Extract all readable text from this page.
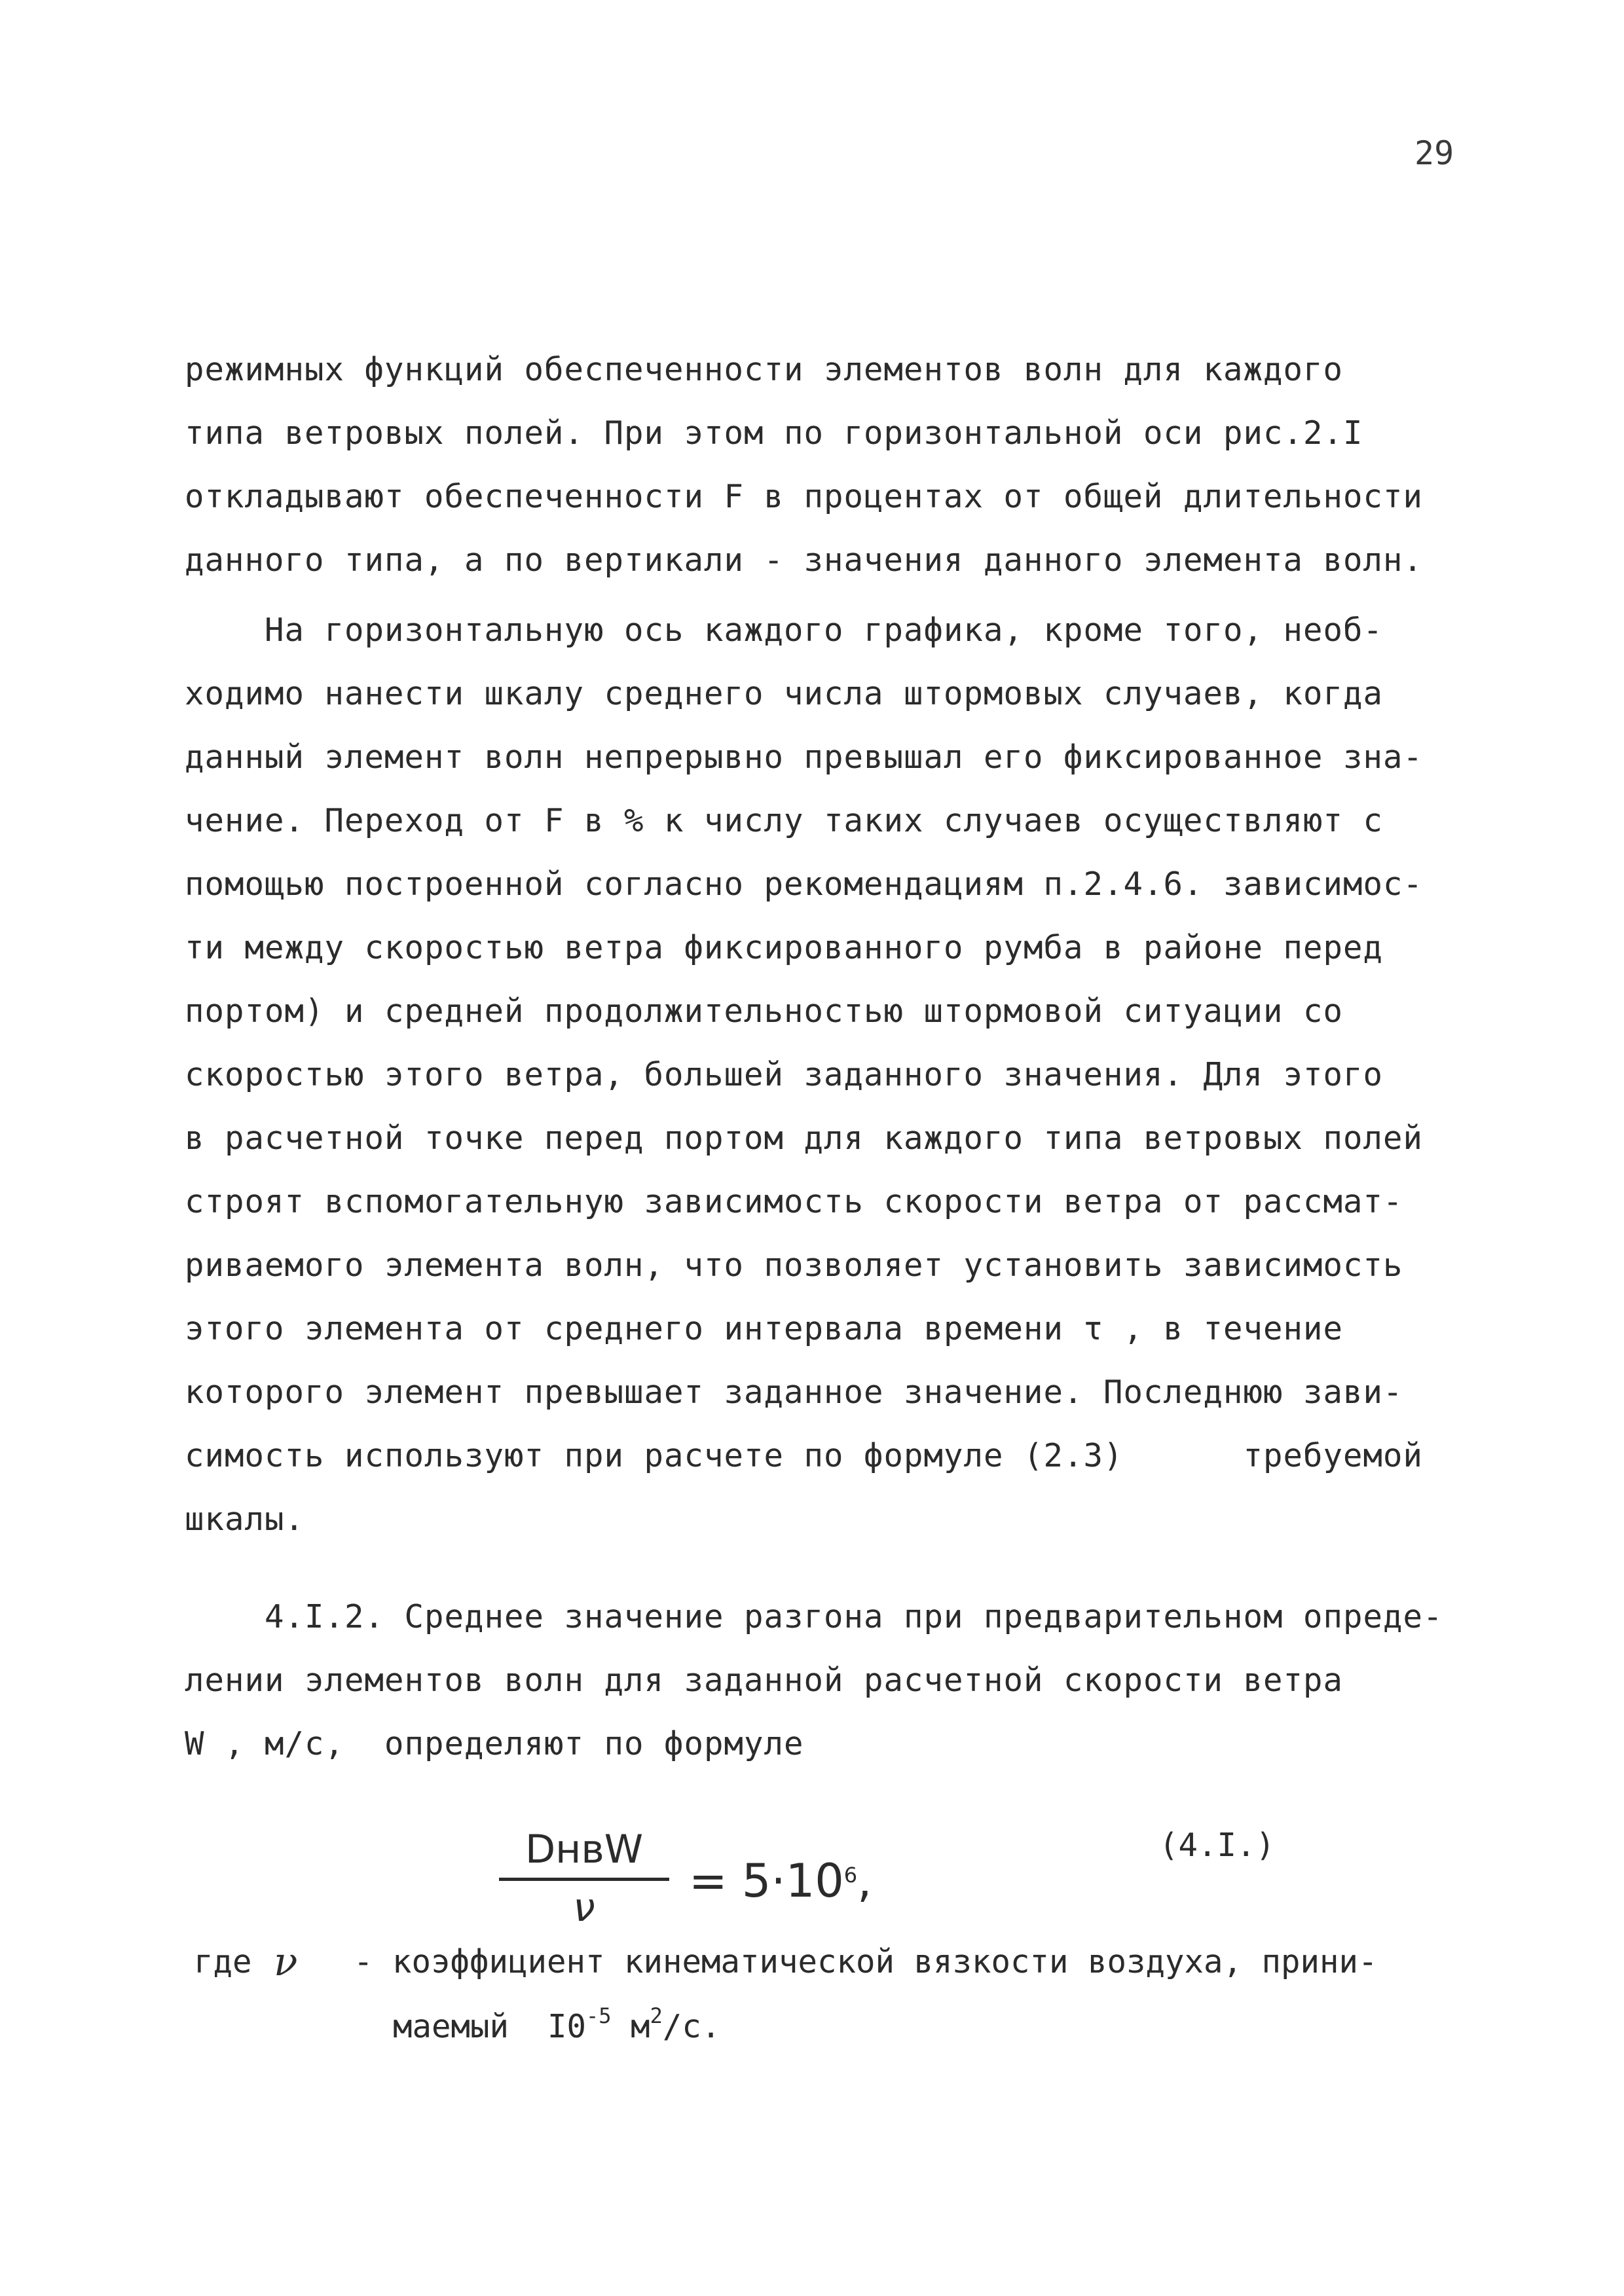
29
режимных функций обеспеченности элементов волн для каждого
типа ветровых полей. При этом по горизонтальной оси рис.2.I
откладывают обеспеченности F в процентах от общей длительности
данного типа, а по вертикали - значения данного элемента волн.
На горизонтальную ось каждого графика, кроме того, необ-
ходимо нанести шкалу среднего числа штормовых случаев, когда
данный элемент волн непрерывно превышал его фиксированное зна-
чение. Переход от F в % к числу таких случаев осуществляют с
помощью построенной согласно рекомендациям п.2.4.6. зависимос-
ти между скоростью ветра фиксированного румба в районе перед
портом) и средней продолжительностью штормовой ситуации со
скоростью этого ветра, большей заданного значения. Для этого
в расчетной точке перед портом для каждого типа ветровых полей
строят вспомогательную зависимость скорости ветра от рассмат-
риваемого элемента волн, что позволяет установить зависимость
этого элемента от среднего интервала времени τ , в течение
которого элемент превышает заданное значение. Последнюю зави-
симость используют при расчете по формуле (2.3)      требуемой
шкалы.
4.I.2. Среднее значение разгона при предварительном опреде-
лении элементов волн для заданной расчетной скорости ветра
W , м/с,  определяют по формуле
DнвW
ν	= $5\cdot 10^6$,
(4.I.)
где ν - коэффициент кинематической вязкости воздуха, прини-
маемый  $I0^{-5}$ $м^2/с$.
